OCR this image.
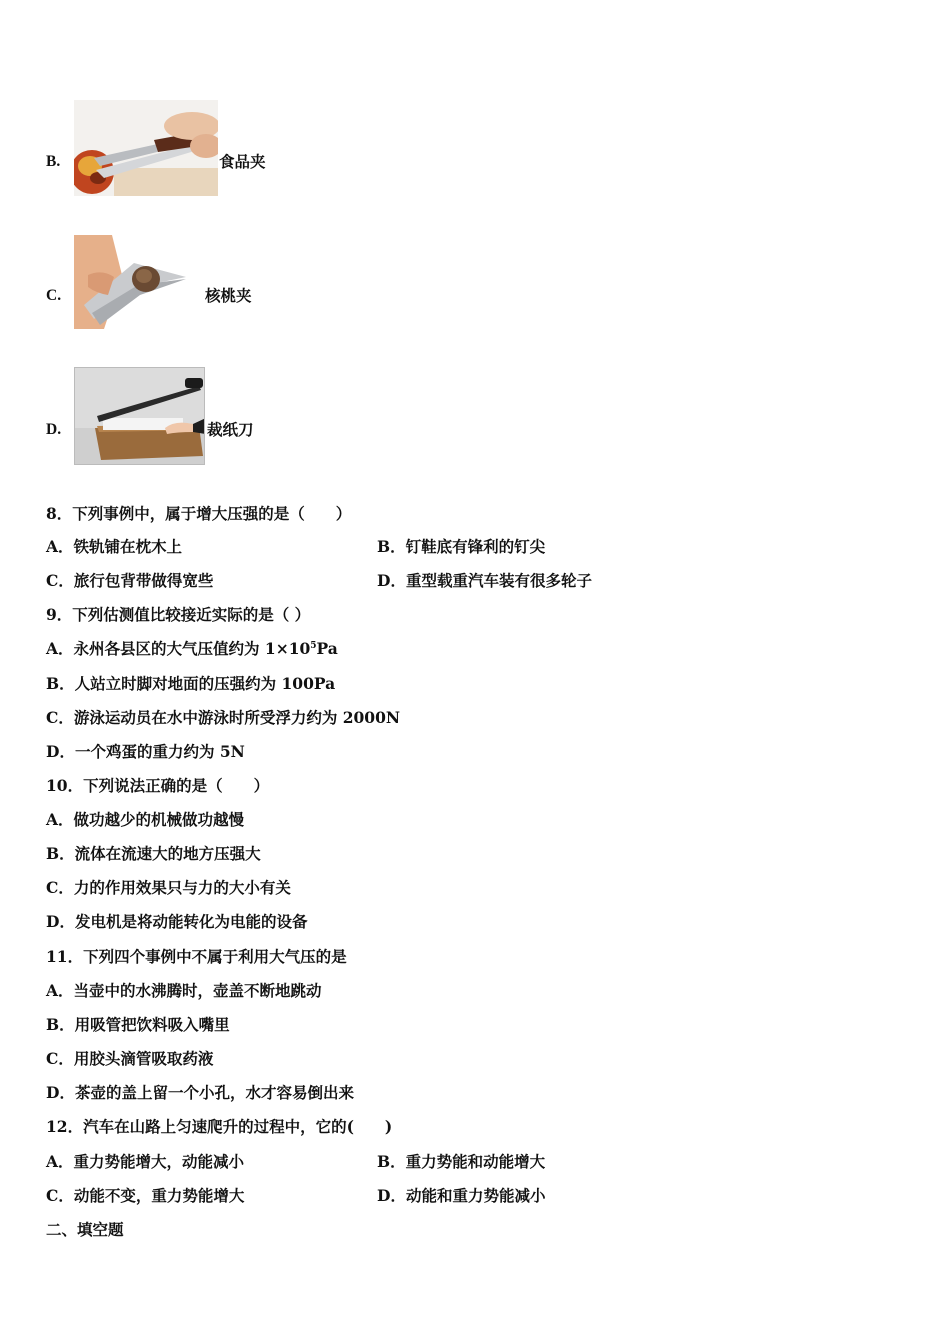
B.	食品夹
C.	核桃夹
D.	裁纸刀
8．下列事例中，属于增大压强的是（　　）
A．铁轨铺在枕木上	B．钉鞋底有锋利的钉尖
C．旅行包背带做得宽些	D．重型载重汽车装有很多轮子
9．下列估测值比较接近实际的是（ ）
A．永州各县区的大气压值约为 $1\times 10^5Pa$
B．人站立时脚对地面的压强约为 100Pa
C．游泳运动员在水中游泳时所受浮力约为 2000N
D．一个鸡蛋的重力约为 5N
10．下列说法正确的是（　　）
A．做功越少的机械做功越慢
B．流体在流速大的地方压强大
C．力的作用效果只与力的大小有关
D．发电机是将动能转化为电能的设备
11．下列四个事例中不属于利用大气压的是
A．当壶中的水沸腾时，壶盖不断地跳动
B．用吸管把饮料吸入嘴里
C．用胶头滴管吸取药液
D．茶壶的盖上留一个小孔，水才容易倒出来
12．汽车在山路上匀速爬升的过程中，它的(　　)
A．重力势能增大，动能减小	B．重力势能和动能增大
C．动能不变，重力势能增大	D．动能和重力势能减小
二、填空题
